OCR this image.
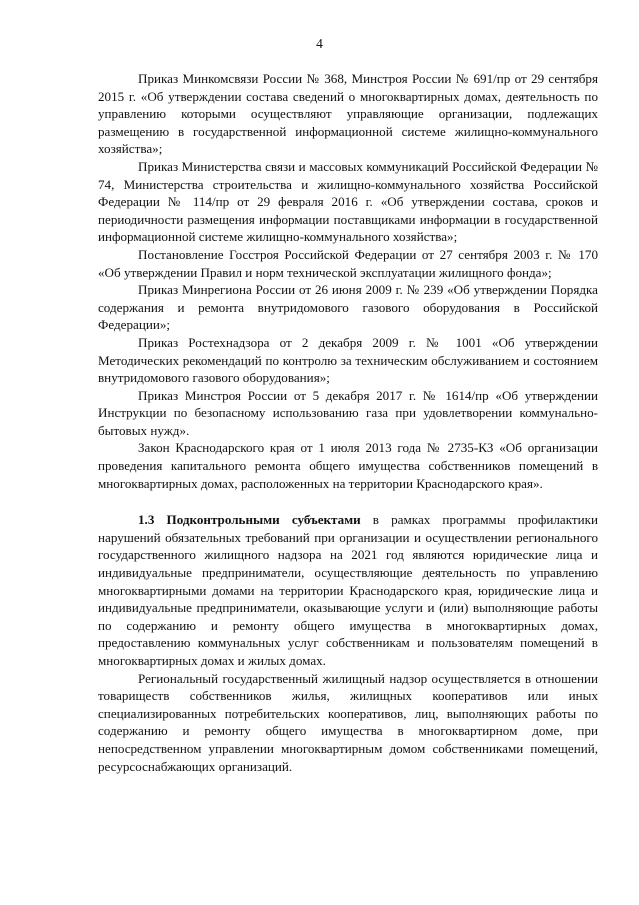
4

Приказ Минкомсвязи России № 368, Минстроя России № 691/пр от 29 сентября 2015 г. «Об утверждении состава сведений о многоквартирных домах, деятельность по управлению которыми осуществляют управляющие организации, подлежащих размещению в государственной информационной системе жилищно-коммунального хозяйства»;

Приказ Министерства связи и массовых коммуникаций Российской Федерации № 74, Министерства строительства и жилищно-коммунального хозяйства Российской Федерации № 114/пр от 29 февраля 2016 г. «Об утверждении состава, сроков и периодичности размещения информации поставщиками информации в государственной информационной системе жилищно-коммунального хозяйства»;

Постановление Госстроя Российской Федерации от 27 сентября 2003 г. № 170 «Об утверждении Правил и норм технической эксплуатации жилищного фонда»;

Приказ Минрегиона России от 26 июня 2009 г. № 239 «Об утверждении Порядка содержания и ремонта внутридомового газового оборудования в Российской Федерации»;

Приказ Ростехнадзора от 2 декабря 2009 г. № 1001 «Об утверждении Методических рекомендаций по контролю за техническим обслуживанием и состоянием внутридомового газового оборудования»;

Приказ Минстроя России от 5 декабря 2017 г. № 1614/пр «Об утверждении Инструкции по безопасному использованию газа при удовлетворении коммунально-бытовых нужд».

Закон Краснодарского края от 1 июля 2013 года № 2735-КЗ «Об организации проведения капитального ремонта общего имущества собственников помещений в многоквартирных домах, расположенных на территории Краснодарского края».

1.3 Подконтрольными субъектами в рамках программы профилактики нарушений обязательных требований при организации и осуществлении регионального государственного жилищного надзора на 2021 год являются юридические лица и индивидуальные предприниматели, осуществляющие деятельность по управлению многоквартирными домами на территории Краснодарского края, юридические лица и индивидуальные предприниматели, оказывающие услуги и (или) выполняющие работы по содержанию и ремонту общего имущества в многоквартирных домах, предоставлению коммунальных услуг собственникам и пользователям помещений в многоквартирных домах и жилых домах.

Региональный государственный жилищный надзор осуществляется в отношении товариществ собственников жилья, жилищных кооперативов или иных специализированных потребительских кооперативов, лиц, выполняющих работы по содержанию и ремонту общего имущества в многоквартирном доме, при непосредственном управлении многоквартирным домом собственниками помещений, ресурсоснабжающих организаций.
